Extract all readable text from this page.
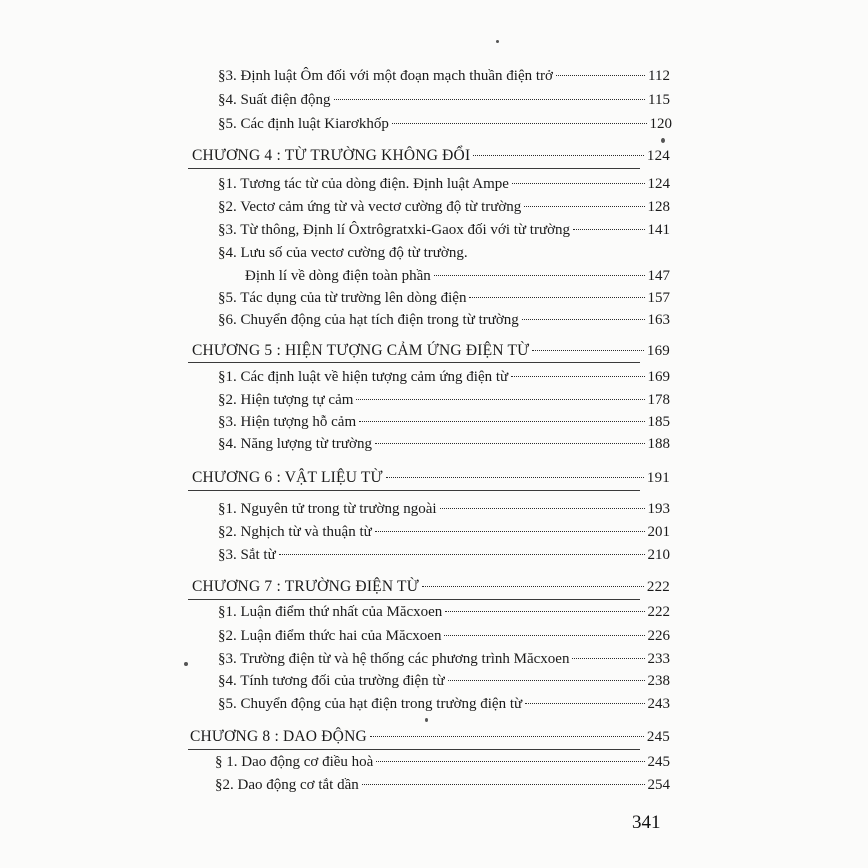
§3. Định luật Ôm đối với một đoạn mạch thuần điện trở	112
§4. Suất điện động	115
§5. Các định luật Kiarơkhốp	120
CHƯƠNG 4 : TỪ TRƯỜNG KHÔNG ĐỔI	124
§1. Tương tác từ của dòng điện. Định luật Ampe	124
§2. Vectơ cảm ứng từ và vectơ cường độ từ trường	128
§3. Từ thông, Định lí Ôxtrôgratxki-Gaox đối với từ trường	141
§4. Lưu số của vectơ cường độ từ trường.
Định lí về dòng điện toàn phần	147
§5. Tác dụng của từ trường lên dòng điện	157
§6. Chuyển động của hạt tích điện trong từ trường	163
CHƯƠNG 5 : HIỆN TƯỢNG CẢM ỨNG ĐIỆN TỪ	169
§1. Các định luật về hiện tượng cảm ứng điện từ	169
§2. Hiện tượng tự cảm	178
§3. Hiện tượng hỗ cảm	185
§4. Năng lượng từ trường	188
CHƯƠNG 6 : VẬT LIỆU TỪ	191
§1. Nguyên tử trong từ trường ngoài	193
§2. Nghịch từ và thuận từ	201
§3. Sắt từ	210
CHƯƠNG 7 : TRƯỜNG ĐIỆN TỪ	222
§1. Luận điểm thứ nhất của Măcxoen	222
§2. Luận điểm thức hai của Măcxoen	226
§3. Trường điện từ và hệ thống các phương trình Măcxoen	233
§4. Tính tương đối của trường điện từ	238
§5. Chuyển động của hạt điện trong trường điện từ	243
CHƯƠNG 8 : DAO ĐỘNG	245
§ 1. Dao động cơ điều hoà	245
§2. Dao động cơ tắt dần	254
341
